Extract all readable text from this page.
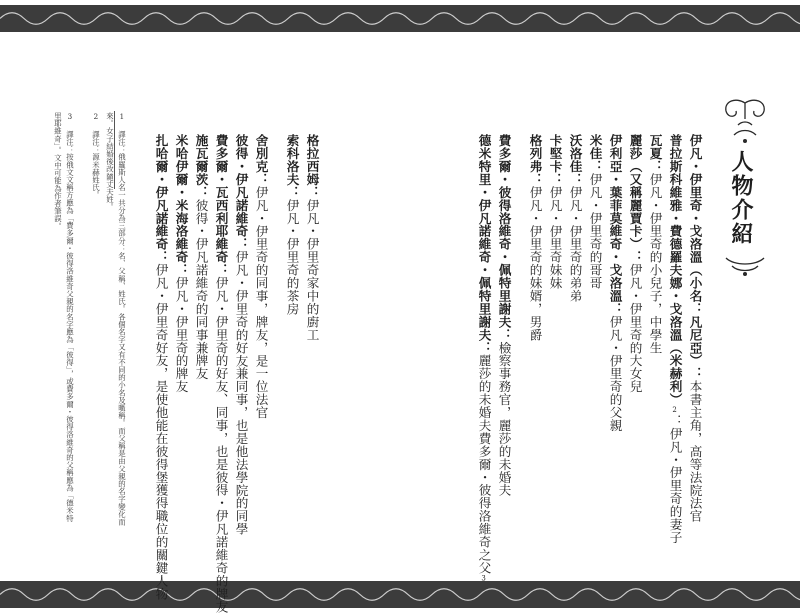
人物介紹
伊凡・伊里奇・戈洛溫（小名：凡尼亞）：本書主角，高等法院法官
普拉斯科維雅・費德羅夫娜・戈洛溫（米赫利）2：伊凡・伊里奇的妻子
瓦夏：伊凡・伊里奇的小兒子，中學生
麗莎（又稱麗賈卡）：伊凡・伊里奇的大女兒
伊利亞・葉菲莫維奇・戈洛溫：伊凡・伊里奇的父親
米佳：伊凡・伊里奇的哥哥
沃洛佳：伊凡・伊里奇的弟弟
卡堅卡：伊凡・伊里奇妹妹
格列弗：伊凡・伊里奇的妹婿，男爵
費多爾・彼得洛維奇・佩特里謝夫：檢察事務官，麗莎的未婚夫
德米特里・伊凡諾維奇・佩特里謝夫：麗莎的未婚夫費多爾・彼得洛維奇之父3
格拉西姆：伊凡・伊里奇家中的廚工
索科洛夫：伊凡・伊里奇的茶房
舍別克：伊凡・伊里奇的同事，牌友，是一位法官
彼得・伊凡諾維奇：伊凡・伊里奇的好友兼同事，也是他法學院的同學
費多爾・瓦西利耶維奇：伊凡・伊里奇的好友、同事，也是彼得・伊凡諾維奇的牌友
施瓦爾茨：彼得・伊凡諾維奇的同事兼牌友
米哈伊爾・米海洛維奇：伊凡・伊里奇的牌友
扎哈爾・伊凡諾維奇：伊凡・伊里奇好友，是使他能在彼得堡獲得職位的關鍵人物
1 譯注：俄羅斯人名一共分為三部分：名、父稱、姓氏。各個名字又有不同的小名及暱稱。而父稱是由父親的名字變化而
來。女子結婚後改隨丈夫姓。
2 譯注：源米赫姓氏。
3 譯注：按俄文文稱方應為「費多爾・彼得洛維奇父親的名字應為「彼得」，或費多爾・彼得洛維奇的父稱應為「德米特
里耶維奇」。文中可能為作者筆誤。
